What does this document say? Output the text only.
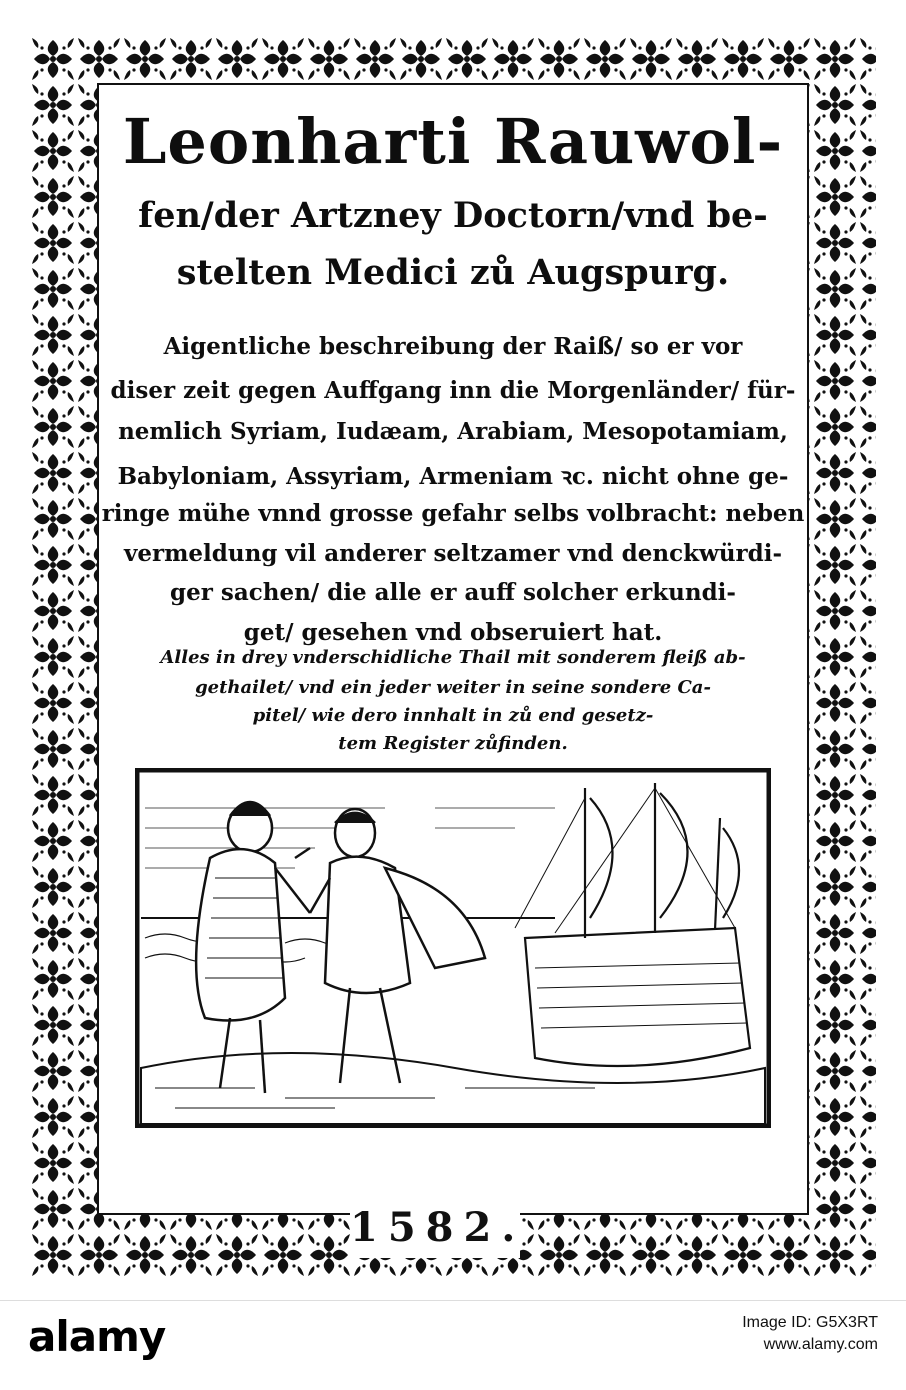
Leonharti Rauwol-
fen/der Artzney Doctorn/vnd be-
stelten Medici zů Augspurg.
Aigentliche beschreibung der Raiß/ so er vor
diser zeit gegen Auffgang inn die Morgenländer/ für-
nemlich Syriam, Iudæam, Arabiam, Mesopotamiam,
Babyloniam, Assyriam, Armeniam ꝛc. nicht ohne ge-
ringe mühe vnnd grosse gefahr selbs volbracht: neben
vermeldung vil anderer seltzamer vnd denckwürdi-
ger sachen/ die alle er auff solcher erkundi-
get/ gesehen vnd obseruiert hat.
Alles in drey vnderschidliche Thail mit sonderem fleiß ab-
gethailet/ vnd ein jeder weiter in seine sondere Ca-
pitel/ wie dero innhalt in zů end gesetz-
tem Register zůfinden.
1582.
alamy	Image ID: G5X3RT
www.alamy.com
